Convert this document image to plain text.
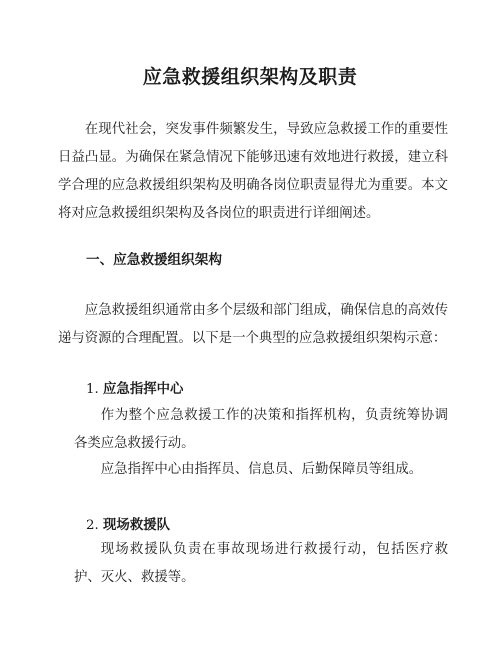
应急救援组织架构及职责

在现代社会，突发事件频繁发生，导致应急救援工作的重要性日益凸显。为确保在紧急情况下能够迅速有效地进行救援，建立科学合理的应急救援组织架构及明确各岗位职责显得尤为重要。本文将对应急救援组织架构及各岗位的职责进行详细阐述。

一、应急救援组织架构

应急救援组织通常由多个层级和部门组成，确保信息的高效传递与资源的合理配置。以下是一个典型的应急救援组织架构示意：

1. 应急指挥中心

作为整个应急救援工作的决策和指挥机构，负责统筹协调各类应急救援行动。

应急指挥中心由指挥员、信息员、后勤保障员等组成。

2. 现场救援队

现场救援队负责在事故现场进行救援行动，包括医疗救护、灭火、救援等。
